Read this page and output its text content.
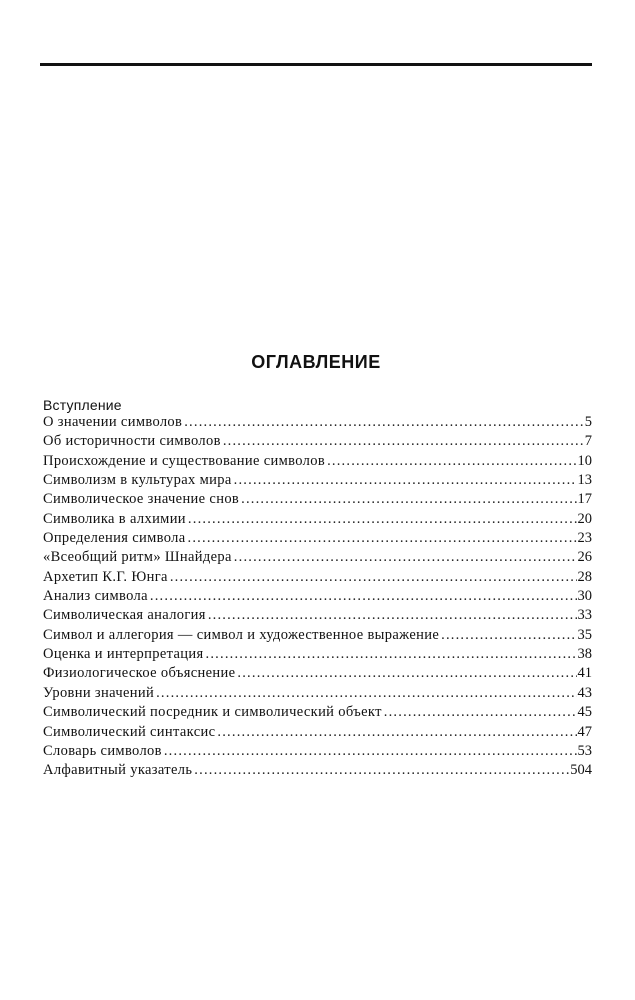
ОГЛАВЛЕНИЕ
Вступление
О значении символов .....	5
Об историчности символов .....	7
Происхождение и существование символов .....	10
Символизм в культурах мира .....	13
Символическое значение снов .....	17
Символика в алхимии .....	20
Определения символа .....	23
«Всеобщий ритм» Шнайдера .....	26
Архетип К.Г. Юнга .....	28
Анализ символа .....	30
Символическая аналогия .....	33
Символ и аллегория — символ и художественное выражение .....	35
Оценка и интерпретация .....	38
Физиологическое объяснение .....	41
Уровни значений .....	43
Символический посредник и символический объект .....	45
Символический синтаксис .....	47
Словарь символов .....	53
Алфавитный указатель .....	504
